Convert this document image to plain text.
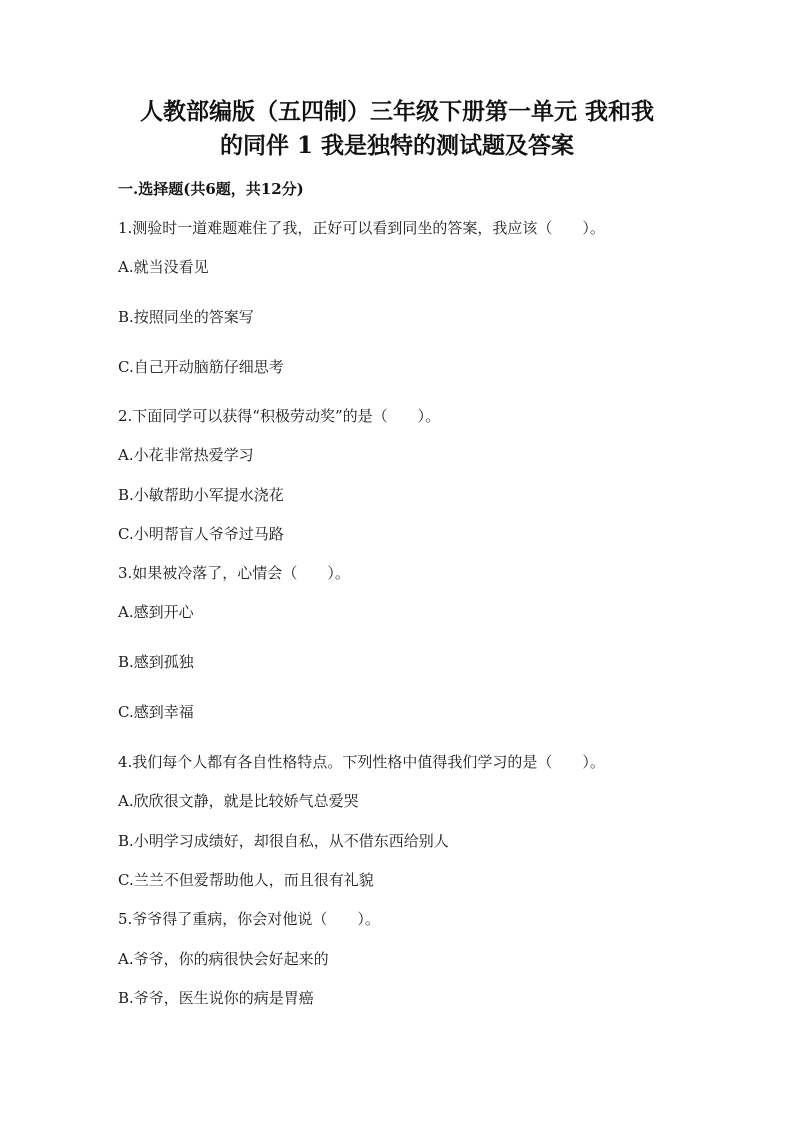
人教部编版（五四制）三年级下册第一单元 我和我
的同伴 1 我是独特的测试题及答案
一.选择题(共6题，共12分)
1.测验时一道难题难住了我，正好可以看到同坐的答案，我应该（　　）。
A.就当没看见
B.按照同坐的答案写
C.自己开动脑筋仔细思考
2.下面同学可以获得“积极劳动奖”的是（　　）。
A.小花非常热爱学习
B.小敏帮助小军提水浇花
C.小明帮盲人爷爷过马路
3.如果被冷落了，心情会（　　）。
A.感到开心
B.感到孤独
C.感到幸福
4.我们每个人都有各自性格特点。下列性格中值得我们学习的是（　　）。
A.欣欣很文静，就是比较娇气总爱哭
B.小明学习成绩好，却很自私，从不借东西给别人
C.兰兰不但爱帮助他人，而且很有礼貌
5.爷爷得了重病，你会对他说（　　）。
A.爷爷，你的病很快会好起来的
B.爷爷，医生说你的病是胃癌
